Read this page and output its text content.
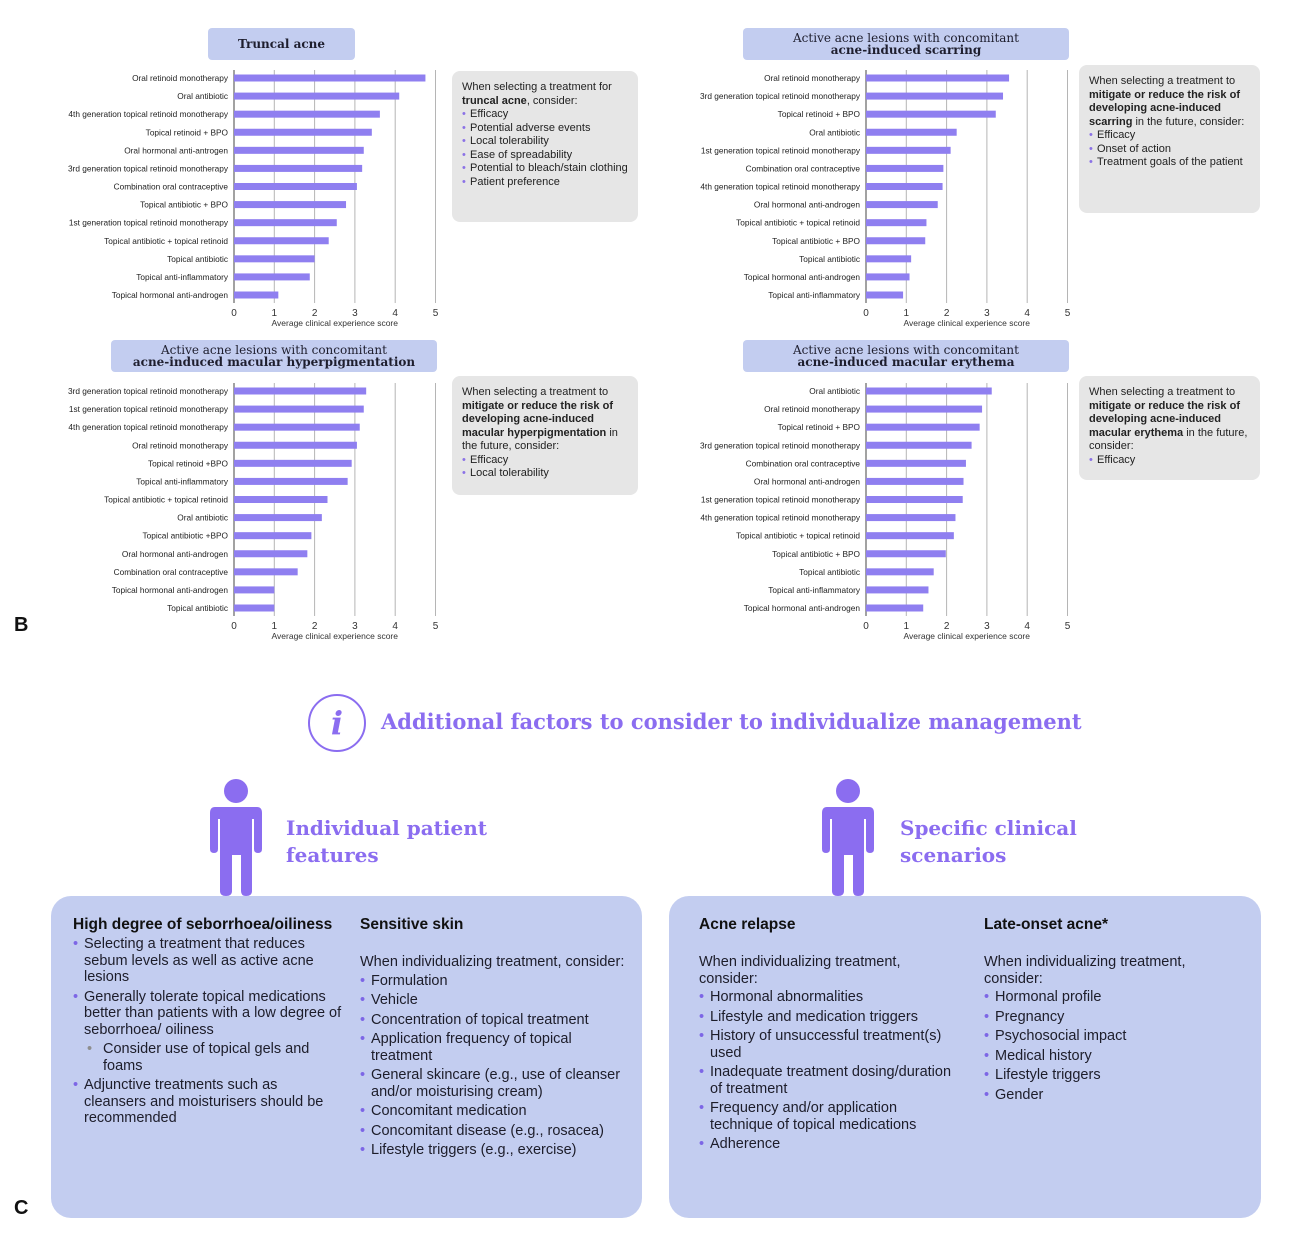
Truncal acne	Active acne lesions with concomitant
acne-induced scarring
Active acne lesions with concomitant
acne-induced macular hyperpigmentation
Active acne lesions with concomitant
acne-induced macular erythema
0	1	2	3	4	5
Oral retinoid monotherapy
Oral antibiotic
4th generation topical retinoid monotherapy
Topical retinoid + BPO
Oral hormonal anti-antrogen
3rd generation topical retinoid monotherapy
Combination oral contraceptive
Topical antibiotic + BPO
1st generation topical retinoid monotherapy
Topical antibiotic + topical retinoid
Topical antibiotic
Topical anti-inflammatory
Topical hormonal anti-androgen
Average clinical experience score
0	1	2	3	4	5
Oral retinoid monotherapy
3rd generation topical retinoid monotherapy
Topical retinoid + BPO
Oral antibiotic
1st generation topical retinoid monotherapy
Combination oral contraceptive
4th generation topical retinoid monotherapy
Oral hormonal anti-androgen
Topical antibiotic + topical retinoid
Topical antibiotic + BPO
Topical antibiotic
Topical hormonal anti-androgen
Topical anti-inflammatory
Average clinical experience score
0	1	2	3	4	5
3rd generation topical retinoid monotherapy
1st generation topical retinoid monotherapy
4th generation topical retinoid monotherapy
Oral retinoid monotherapy
Topical retinoid +BPO
Topical anti-inflammatory
Topical antibiotic + topical retinoid
Oral antibiotic
Topical antibiotic +BPO
Oral hormonal anti-androgen
Combination oral contraceptive
Topical hormonal anti-androgen
Topical antibiotic
Average clinical experience score
0	1	2	3	4	5
Oral antibiotic
Oral retinoid monotherapy
Topical retinoid + BPO
3rd generation topical retinoid monotherapy
Combination oral contraceptive
Oral hormonal anti-androgen
1st generation topical retinoid monotherapy
4th generation topical retinoid monotherapy
Topical antibiotic + topical retinoid
Topical antibiotic + BPO
Topical antibiotic
Topical anti-inflammatory
Topical hormonal anti-androgen
Average clinical experience score
When selecting a treatment for truncal acne, consider:
• Efficacy
• Potential adverse events
• Local tolerability
• Ease of spreadability
• Potential to bleach/stain clothing
• Patient preference
When selecting a treatment to mitigate or reduce the risk of developing acne-induced scarring in the future, consider:
• Efficacy
• Onset of action
• Treatment goals of the patient
When selecting a treatment to mitigate or reduce the risk of developing acne-induced macular hyperpigmentation in the future, consider:
• Efficacy
• Local tolerability
When selecting a treatment to mitigate or reduce the risk of developing acne-induced macular erythema in the future, consider:
• Efficacy
B
i Additional factors to consider to individualize management
Individual patient
features
Specific clinical
scenarios
High degree of seborrhoea/oiliness
• Selecting a treatment that reduces sebum levels as well as active acne lesions
• Generally tolerate topical medications better than patients with a low degree of seborrhoea/ oiliness
• Consider use of topical gels and foams
• Adjunctive treatments such as cleansers and moisturisers should be recommended
Sensitive skin
When individualizing treatment, consider:
• Formulation
• Vehicle
• Concentration of topical treatment
• Application frequency of topical treatment
• General skincare (e.g., use of cleanser and/or moisturising cream)
• Concomitant medication
• Concomitant disease (e.g., rosacea)
• Lifestyle triggers (e.g., exercise)
Acne relapse
When individualizing treatment, consider:
• Hormonal abnormalities
• Lifestyle and medication triggers
• History of unsuccessful treatment(s) used
• Inadequate treatment dosing/duration of treatment
• Frequency and/or application technique of topical medications
• Adherence
Late-onset acne*
When individualizing treatment, consider:
• Hormonal profile
• Pregnancy
• Psychosocial impact
• Medical history
• Lifestyle triggers
• Gender
C
